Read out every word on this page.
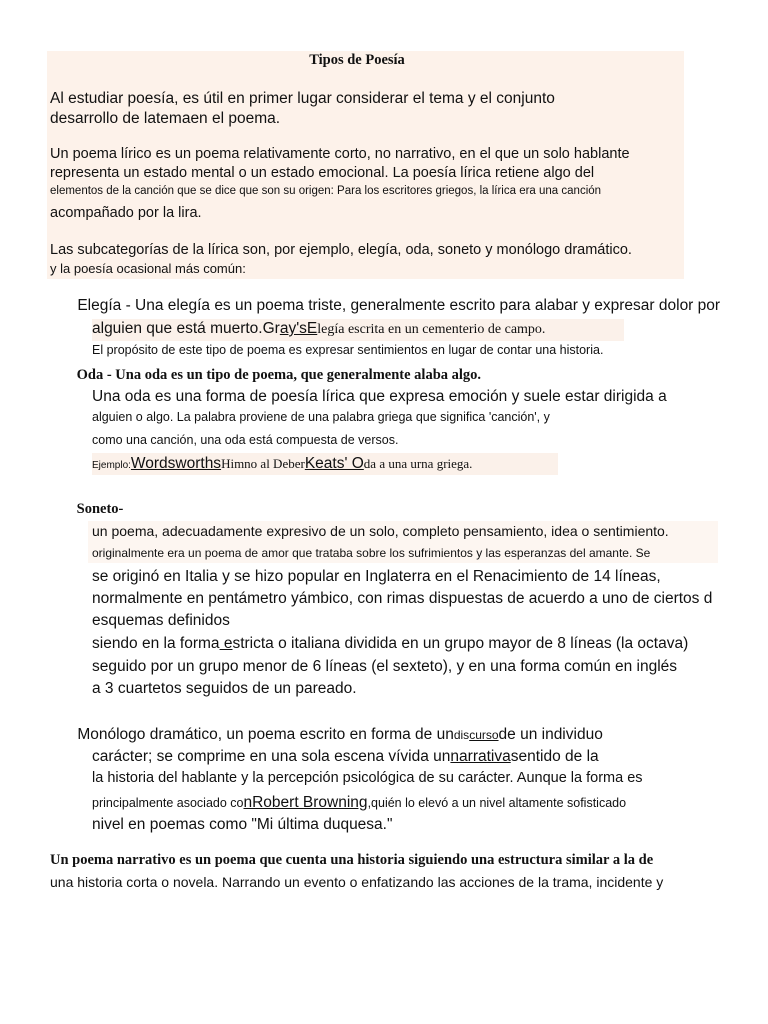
Tipos de Poesía
Al estudiar poesía, es útil en primer lugar considerar el tema y el conjunto
desarrollo de latemaen el poema.
Un poema lírico es un poema relativamente corto, no narrativo, en el que un solo hablante
representa un estado mental o un estado emocional. La poesía lírica retiene algo del
elementos de la canción que se dice que son su origen: Para los escritores griegos, la lírica era una canción
acompañado por la lira.
Las subcategorías de la lírica son, por ejemplo, elegía, oda, soneto y monólogo dramático.
y la poesía ocasional más común:
Elegía - Una elegía es un poema triste, generalmente escrito para alabar y expresar dolor por
alguien que está muerto.Gray'sElegía escrita en un cementerio de campo.
El propósito de este tipo de poema es expresar sentimientos en lugar de contar una historia.
Oda - Una oda es un tipo de poema, que generalmente alaba algo.
Una oda es una forma de poesía lírica que expresa emoción y suele estar dirigida a
alguien o algo. La palabra proviene de una palabra griega que significa 'canción', y
como una canción, una oda está compuesta de versos.
Ejemplo:WordsworthsHimno al DeberKeats' Oda a una urna griega.
Soneto-
un poema, adecuadamente expresivo de un solo, completo pensamiento, idea o sentimiento.
originalmente era un poema de amor que trataba sobre los sufrimientos y las esperanzas del amante. Se
se originó en Italia y se hizo popular en Inglaterra en el Renacimiento de 14 líneas,
normalmente en pentámetro yámbico, con rimas dispuestas de acuerdo a uno de ciertos d
esquemas definidos
siendo en la forma estricta o italiana dividida en un grupo mayor de 8 líneas (la octava)
seguido por un grupo menor de 6 líneas (el sexteto), y en una forma común en inglés
a 3 cuartetos seguidos de un pareado.
Monólogo dramático, un poema escrito en forma de undiscursode un individuo
carácter; se comprime en una sola escena vívida unnarrativasentido de la
la historia del hablante y la percepción psicológica de su carácter. Aunque la forma es
principalmente asociado conRobert Browning,quién lo elevó a un nivel altamente sofisticado
nivel en poemas como "Mi última duquesa."
Un poema narrativo es un poema que cuenta una historia siguiendo una estructura similar a la de
una historia corta o novela. Narrando un evento o enfatizando las acciones de la trama, incidente y
